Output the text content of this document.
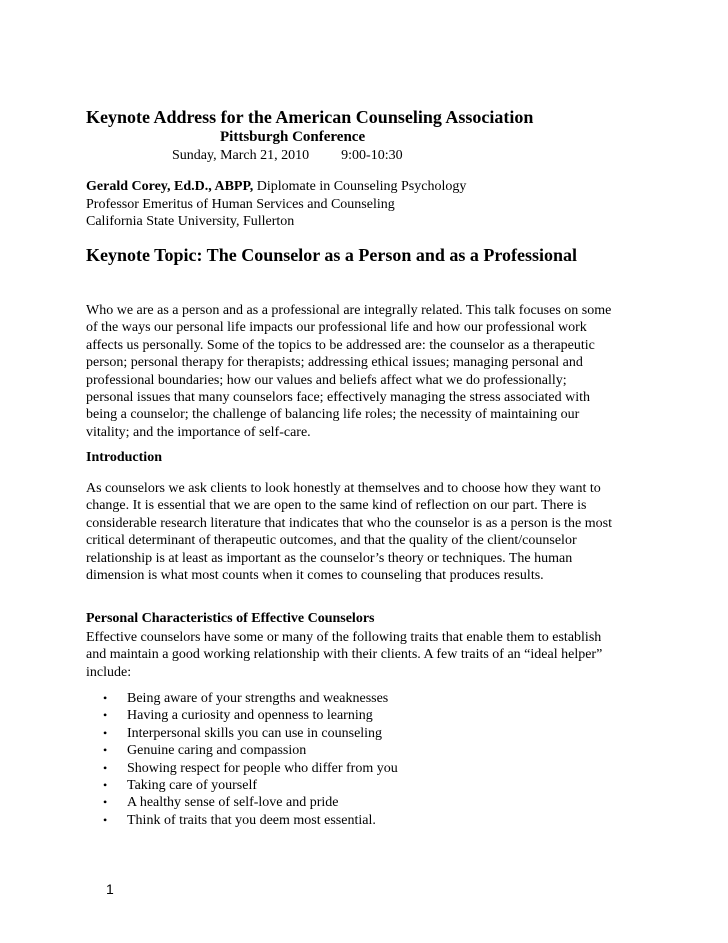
Keynote Address for the American Counseling Association
Pittsburgh Conference
Sunday, March 21, 2010 9:00-10:30
Gerald Corey, Ed.D., ABPP, Diplomate in Counseling Psychology
Professor Emeritus of Human Services and Counseling
California State University, Fullerton
Keynote Topic: The Counselor as a Person and as a Professional

Who we are as a person and as a professional are integrally related. This talk focuses on some of the ways our personal life impacts our professional life and how our professional work affects us personally. Some of the topics to be addressed are: the counselor as a therapeutic person; personal therapy for therapists; addressing ethical issues; managing personal and professional boundaries; how our values and beliefs affect what we do professionally; personal issues that many counselors face; effectively managing the stress associated with being a counselor; the challenge of balancing life roles; the necessity of maintaining our vitality; and the importance of self-care.

Introduction

As counselors we ask clients to look honestly at themselves and to choose how they want to change. It is essential that we are open to the same kind of reflection on our part. There is considerable research literature that indicates that who the counselor is as a person is the most critical determinant of therapeutic outcomes, and that the quality of the client/counselor relationship is at least as important as the counselor’s theory or techniques. The human dimension is what most counts when it comes to counseling that produces results.

Personal Characteristics of Effective Counselors

Effective counselors have some or many of the following traits that enable them to establish and maintain a good working relationship with their clients. A few traits of an “ideal helper” include:

• Being aware of your strengths and weaknesses
• Having a curiosity and openness to learning
• Interpersonal skills you can use in counseling
• Genuine caring and compassion
• Showing respect for people who differ from you
• Taking care of yourself
• A healthy sense of self-love and pride
• Think of traits that you deem most essential.
1
